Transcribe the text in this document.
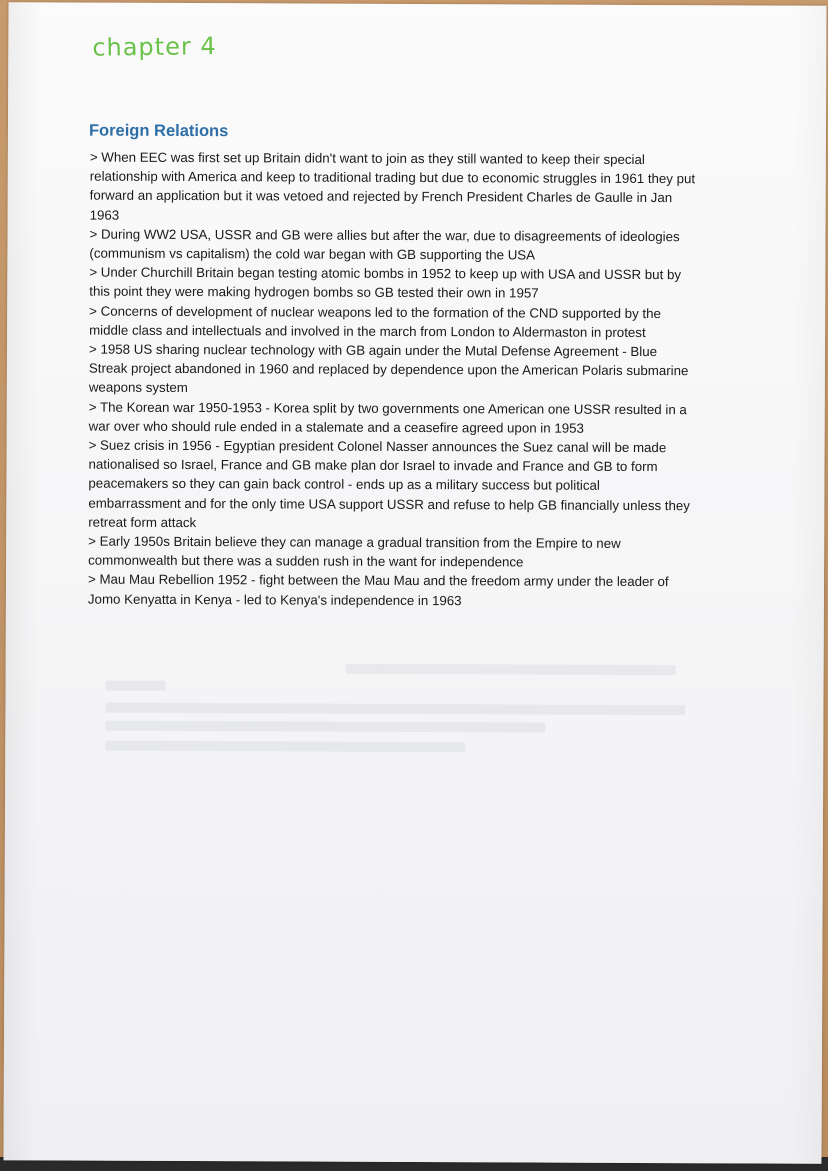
chapter 4
Foreign Relations
> When EEC was first set up Britain didn't want to join as they still wanted to keep their special relationship with America and keep to traditional trading but due to economic struggles in 1961 they put forward an application but it was vetoed and rejected by French President Charles de Gaulle in Jan 1963
> During WW2 USA, USSR and GB were allies but after the war, due to disagreements of ideologies (communism vs capitalism) the cold war began with GB supporting the USA
> Under Churchill Britain began testing atomic bombs in 1952 to keep up with USA and USSR but by this point they were making hydrogen bombs so GB tested their own in 1957
> Concerns of development of nuclear weapons led to the formation of the CND supported by the middle class and intellectuals and involved in the march from London to Aldermaston in protest
> 1958 US sharing nuclear technology with GB again under the Mutal Defense Agreement - Blue Streak project abandoned in 1960 and replaced by dependence upon the American Polaris submarine weapons system
> The Korean war 1950-1953 - Korea split by two governments one American one USSR resulted in a war over who should rule ended in a stalemate and a ceasefire agreed upon in 1953
> Suez crisis in 1956 - Egyptian president Colonel Nasser announces the Suez canal will be made nationalised so Israel, France and GB make plan dor Israel to invade and France and GB to form peacemakers so they can gain back control - ends up as a military success but political embarrassment and for the only time USA support USSR and refuse to help GB financially unless they retreat form attack
> Early 1950s Britain believe they can manage a gradual transition from the Empire to new commonwealth but there was a sudden rush in the want for independence
> Mau Mau Rebellion 1952 - fight between the Mau Mau and the freedom army under the leader of Jomo Kenyatta in Kenya - led to Kenya's independence in 1963
